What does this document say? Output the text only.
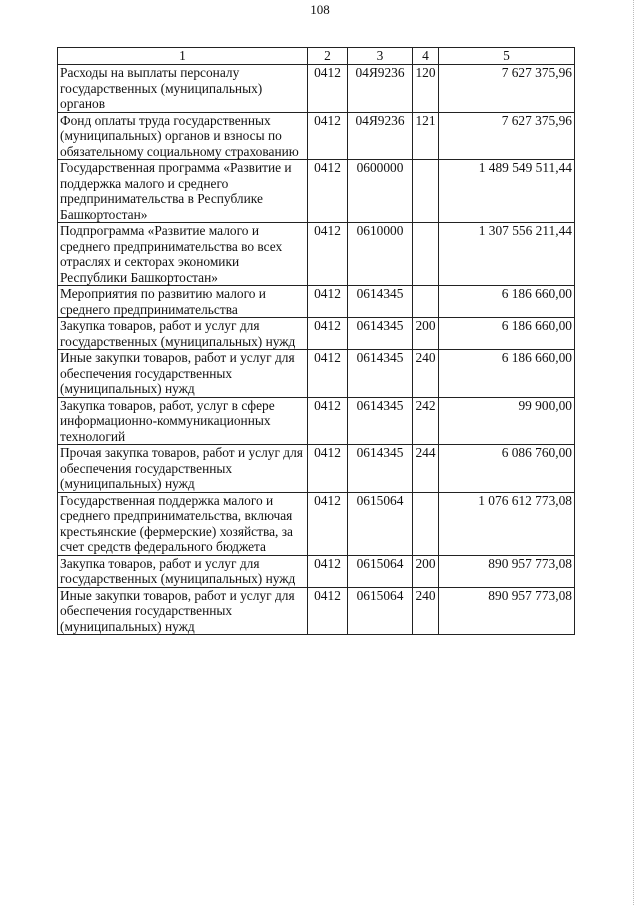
108
1	2	3	4	5
Расходы на выплаты персоналу государственных (муниципальных) органов	0412	04Я9236	120	7 627 375,96
Фонд оплаты труда государственных (муниципальных) органов и взносы по обязательному социальному страхованию	0412	04Я9236	121	7 627 375,96
Государственная программа «Развитие и поддержка малого и среднего предпринимательства в Республике Башкортостан»	0412	0600000		1 489 549 511,44
Подпрограмма «Развитие малого и среднего предпринимательства во всех отраслях и секторах экономики Республики Башкортостан»	0412	0610000		1 307 556 211,44
Мероприятия по развитию малого и среднего предпринимательства	0412	0614345		6 186 660,00
Закупка товаров, работ и услуг для государственных (муниципальных) нужд	0412	0614345	200	6 186 660,00
Иные закупки товаров, работ и услуг для обеспечения государственных (муниципальных) нужд	0412	0614345	240	6 186 660,00
Закупка товаров, работ, услуг в сфере информационно-коммуникационных технологий	0412	0614345	242	99 900,00
Прочая закупка товаров, работ и услуг для обеспечения государственных (муниципальных) нужд	0412	0614345	244	6 086 760,00
Государственная поддержка малого и среднего предпринимательства, включая крестьянские (фермерские) хозяйства, за счет средств федерального бюджета	0412	0615064		1 076 612 773,08
Закупка товаров, работ и услуг для государственных (муниципальных) нужд	0412	0615064	200	890 957 773,08
Иные закупки товаров, работ и услуг для обеспечения государственных (муниципальных) нужд	0412	0615064	240	890 957 773,08
